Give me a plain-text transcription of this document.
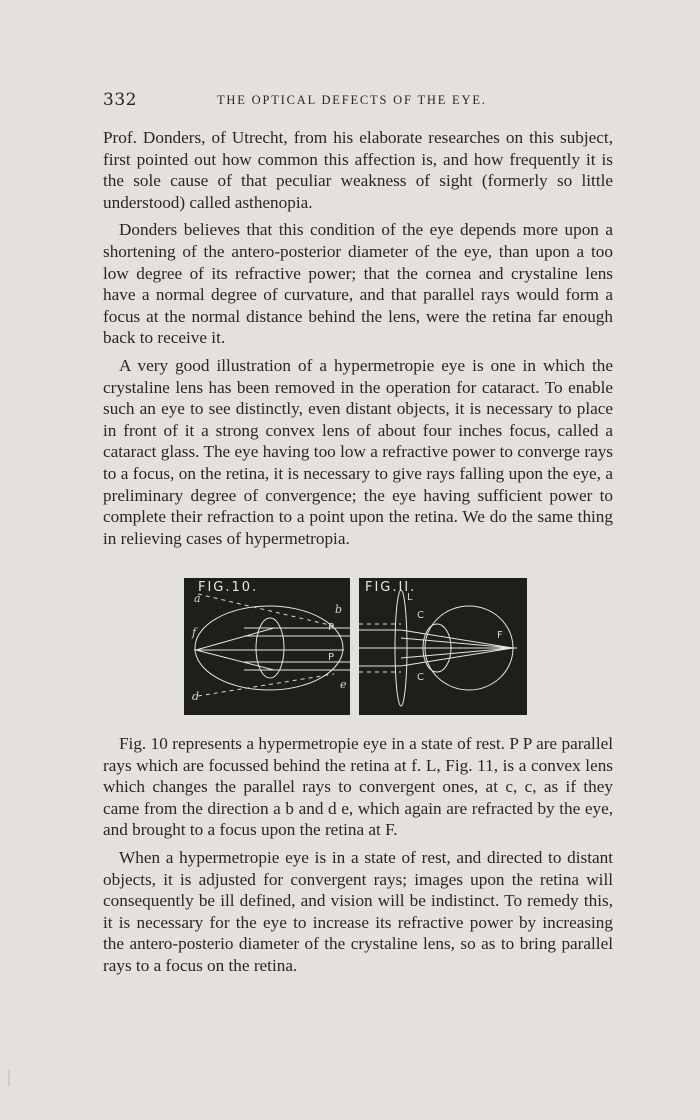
332	THE OPTICAL DEFECTS OF THE EYE.

Prof. Donders, of Utrecht, from his elaborate researches on this subject, first pointed out how common this affection is, and how frequently it is the sole cause of that peculiar weakness of sight (formerly so little understood) called asthenopia.

Donders believes that this condition of the eye depends more upon a shortening of the antero-posterior diameter of the eye, than upon a too low degree of its refractive power; that the cornea and crystaline lens have a normal degree of curvature, and that parallel rays would form a focus at the normal distance behind the lens, were the retina far enough back to receive it.

A very good illustration of a hypermetropie eye is one in which the crystaline lens has been removed in the operation for cataract. To enable such an eye to see distinctly, even distant objects, it is necessary to place in front of it a strong convex lens of about four inches focus, called a cataract glass. The eye having too low a refractive power to converge rays to a focus, on the retina, it is necessary to give rays falling upon the eye, a preliminary degree of convergence; the eye having sufficient power to complete their refraction to a point upon the retina. We do the same thing in relieving cases of hypermetropia.

FIG.10.
a
b
f	P
P
d
e
FIG.II.
L
C
C
F

Fig. 10 represents a hypermetropie eye in a state of rest. P P are parallel rays which are focussed behind the retina at f. L, Fig. 11, is a convex lens which changes the parallel rays to convergent ones, at c, c, as if they came from the direction a b and d e, which again are refracted by the eye, and brought to a focus upon the retina at F.

When a hypermetropie eye is in a state of rest, and directed to distant objects, it is adjusted for convergent rays; images upon the retina will consequently be ill defined, and vision will be indistinct. To remedy this, it is necessary for the eye to increase its refractive power by increasing the antero-posterio diameter of the crystaline lens, so as to bring parallel rays to a focus on the retina.
